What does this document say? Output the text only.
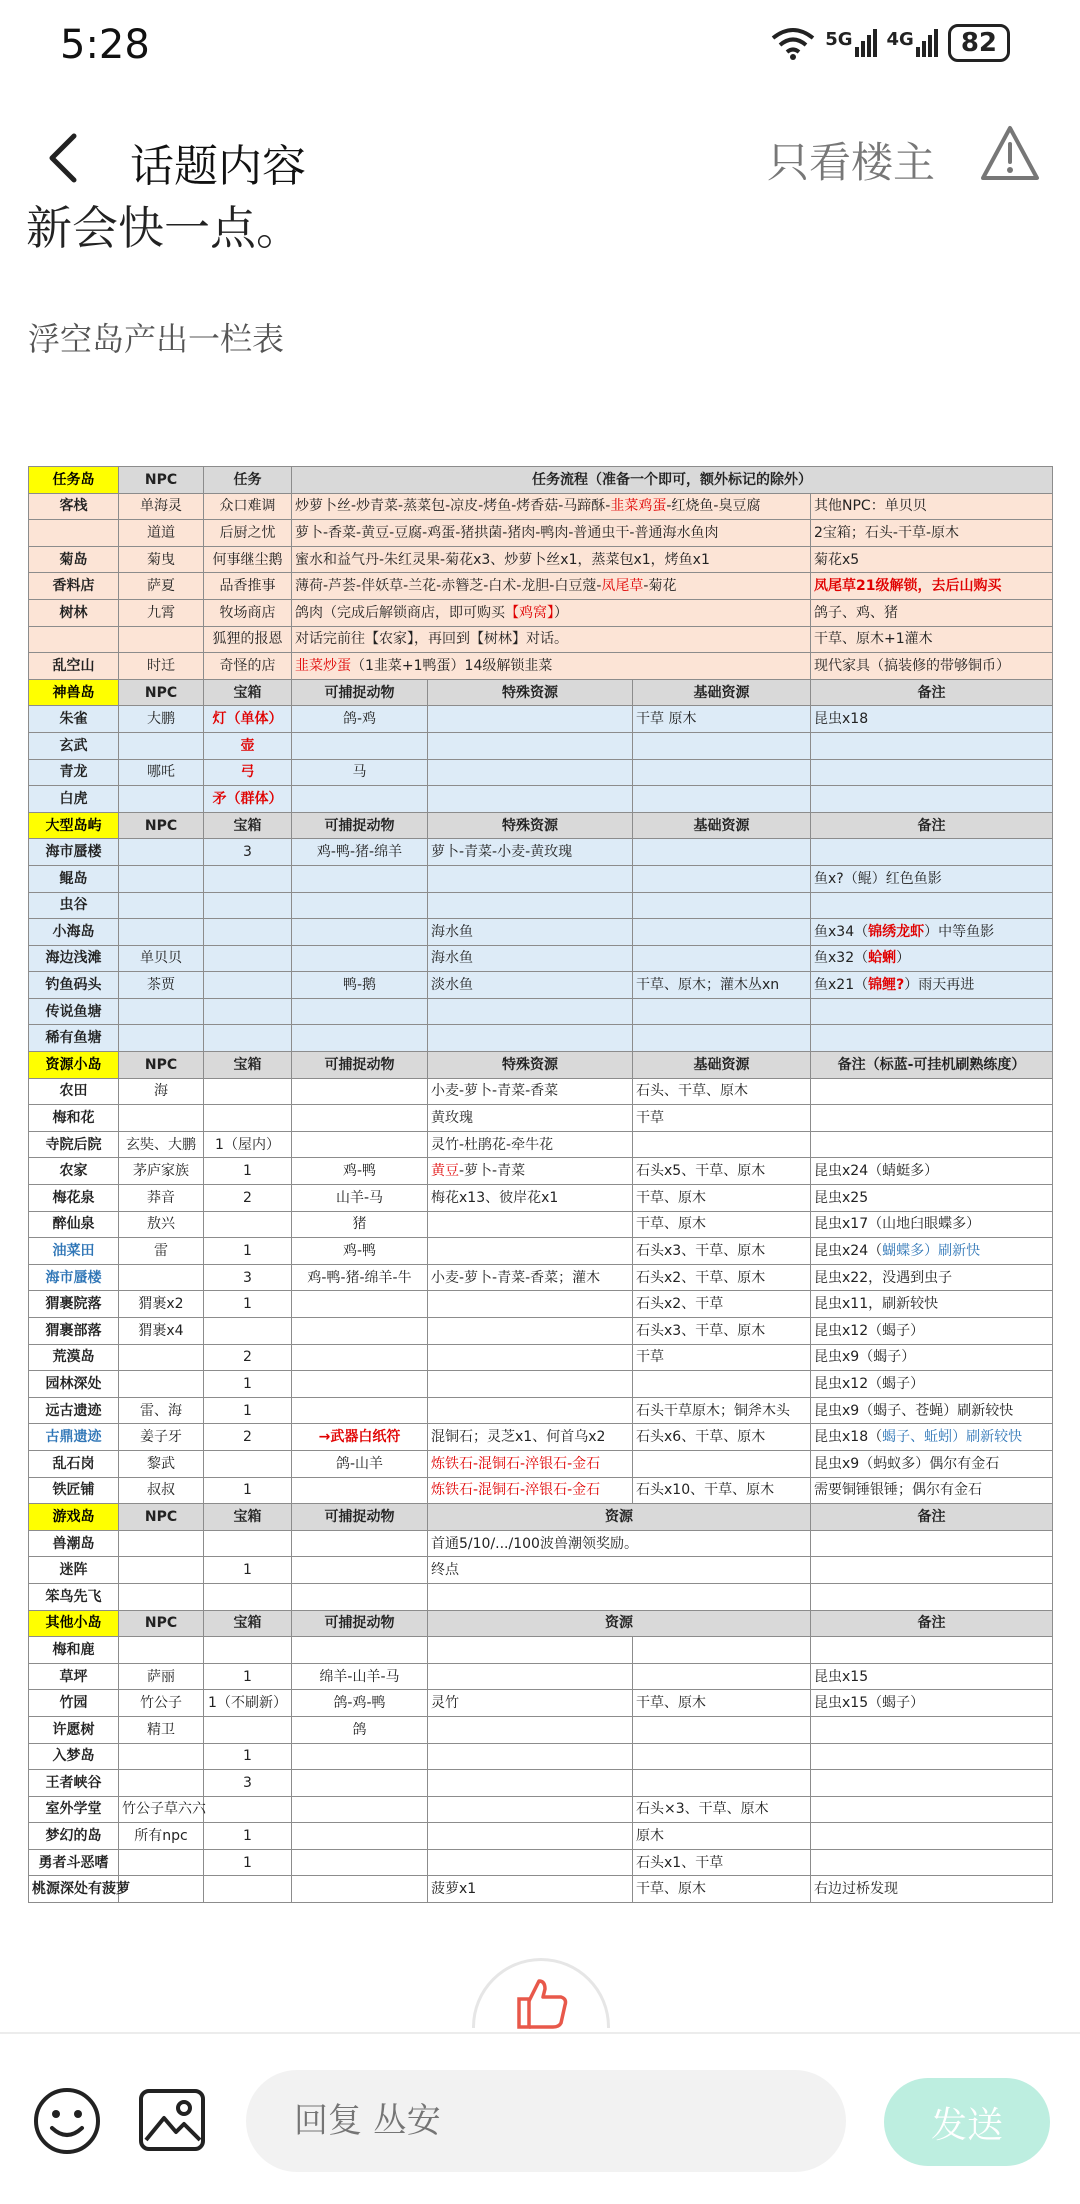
5:28	5G 4G	82
话题内容	只看楼主
新会快一点。
浮空岛产出一栏表
任务岛	NPC	任务	任务流程（准备一个即可，额外标记的除外）			
客栈	单海灵	众口难调	炒萝卜丝-炒青菜-蒸菜包-凉皮-烤鱼-烤香菇-马蹄酥-韭菜鸡蛋-红烧鱼-臭豆腐			其他NPC：单贝贝
	道道	后厨之忧	萝卜-香菜-黄豆-豆腐-鸡蛋-猪拱菌-猪肉-鸭肉-普通虫干-普通海水鱼肉			2宝箱；石头-干草-原木
菊岛	菊曳	何事继尘鹅	蜜水和益气丹-朱红灵果-菊花x3、炒萝卜丝x1，蒸菜包x1，烤鱼x1			菊花x5
香料店	萨夏	品香推事	薄荷-芦荟-伴妖草-兰花-赤簪芝-白术-龙胆-白豆蔻-凤尾草-菊花			凤尾草21级解锁，去后山购买
树林	九霄	牧场商店	鸽肉（完成后解锁商店，即可购买【鸡窝】）			鸽子、鸡、猪
		狐狸的报恩	对话完前往【农家】，再回到【树林】对话。			干草、原木+1灌木
乱空山	时迁	奇怪的店	韭菜炒蛋（1韭菜+1鸭蛋）14级解锁韭菜			现代家具（搞装修的带够铜币）
神兽岛	NPC	宝箱	可捕捉动物	特殊资源	基础资源	备注
朱雀	大鹏	灯（单体）	鸽-鸡		干草 原木	昆虫x18
玄武		壶				
青龙	哪吒	弓	马			
白虎		矛（群体）				
大型岛屿	NPC	宝箱	可捕捉动物	特殊资源	基础资源	备注
海市蜃楼		3	鸡-鸭-猪-绵羊	萝卜-青菜-小麦-黄玫瑰		
鲲岛						鱼x?（鲲）红色鱼影
虫谷						
小海岛				海水鱼		鱼x34（锦绣龙虾）中等鱼影
海边浅滩	单贝贝			海水鱼		鱼x32（蛤蜊）
钓鱼码头	茶贾		鸭-鹅	淡水鱼	干草、原木；灌木丛xn	鱼x21（锦鲤?）雨天再进
传说鱼塘						
稀有鱼塘						
资源小岛	NPC	宝箱	可捕捉动物	特殊资源	基础资源	备注（标蓝-可挂机刷熟练度）
农田	海			小麦-萝卜-青菜-香菜	石头、干草、原木	
梅和花				黄玫瑰	干草	
寺院后院	玄奘、大鹏	1（屋内）		灵竹-杜鹃花-牵牛花		
农家	茅庐家族	1	鸡-鸭	黄豆-萝卜-青菜	石头x5、干草、原木	昆虫x24（蜻蜓多）
梅花泉	莽音	2	山羊-马	梅花x13、彼岸花x1	干草、原木	昆虫x25
醉仙泉	敖兴		猪		干草、原木	昆虫x17（山地臼眼蝶多）
油菜田	雷	1	鸡-鸭		石头x3、干草、原木	昆虫x24（蝴蝶多）刷新快
海市蜃楼		3	鸡-鸭-猪-绵羊-牛	小麦-萝卜-青菜-香菜；灌木	石头x2、干草、原木	昆虫x22，没遇到虫子
猬裹院落	猬裹x2	1			石头x2、干草	昆虫x11，刷新较快
猬裹部落	猬裹x4				石头x3、干草、原木	昆虫x12（蝎子）
荒漠岛		2			干草	昆虫x9（蝎子）
园林深处		1				昆虫x12（蝎子）
远古遗迹	雷、海	1			石头干草原木；铜斧木头	昆虫x9（蝎子、苍蝇）刷新较快
古鼎遗迹	姜子牙	2	→武器白纸符	混铜石；灵芝x1、何首乌x2	石头x6、干草、原木	昆虫x18（蝎子、蚯蚓）刷新较快
乱石岗	黎武		鸽-山羊	炼铁石-混铜石-淬银石-金石		昆虫x9（蚂蚁多）偶尔有金石
铁匠铺	叔叔	1		炼铁石-混铜石-淬银石-金石	石头x10、干草、原木	需要铜锤银锤；偶尔有金石
游戏岛	NPC	宝箱	可捕捉动物	资源		备注
兽潮岛				首通5/10/.../100波兽潮领奖励。		
迷阵		1		终点		
笨鸟先飞						
其他小岛	NPC	宝箱	可捕捉动物	资源		备注
梅和鹿						
草坪	萨丽	1	绵羊-山羊-马			昆虫x15
竹园	竹公子	1（不刷新）	鸽-鸡-鸭	灵竹	干草、原木	昆虫x15（蝎子）
许愿树	精卫		鸽			
入梦岛		1				
王者峡谷		3				
室外学堂	竹公子草六六				石头×3、干草、原木	
梦幻的岛	所有npc	1			原木	
勇者斗恶嗜		1			石头x1、干草	
桃源深处有菠萝				菠萝x1	干草、原木	右边过桥发现
回复 丛安
发送
